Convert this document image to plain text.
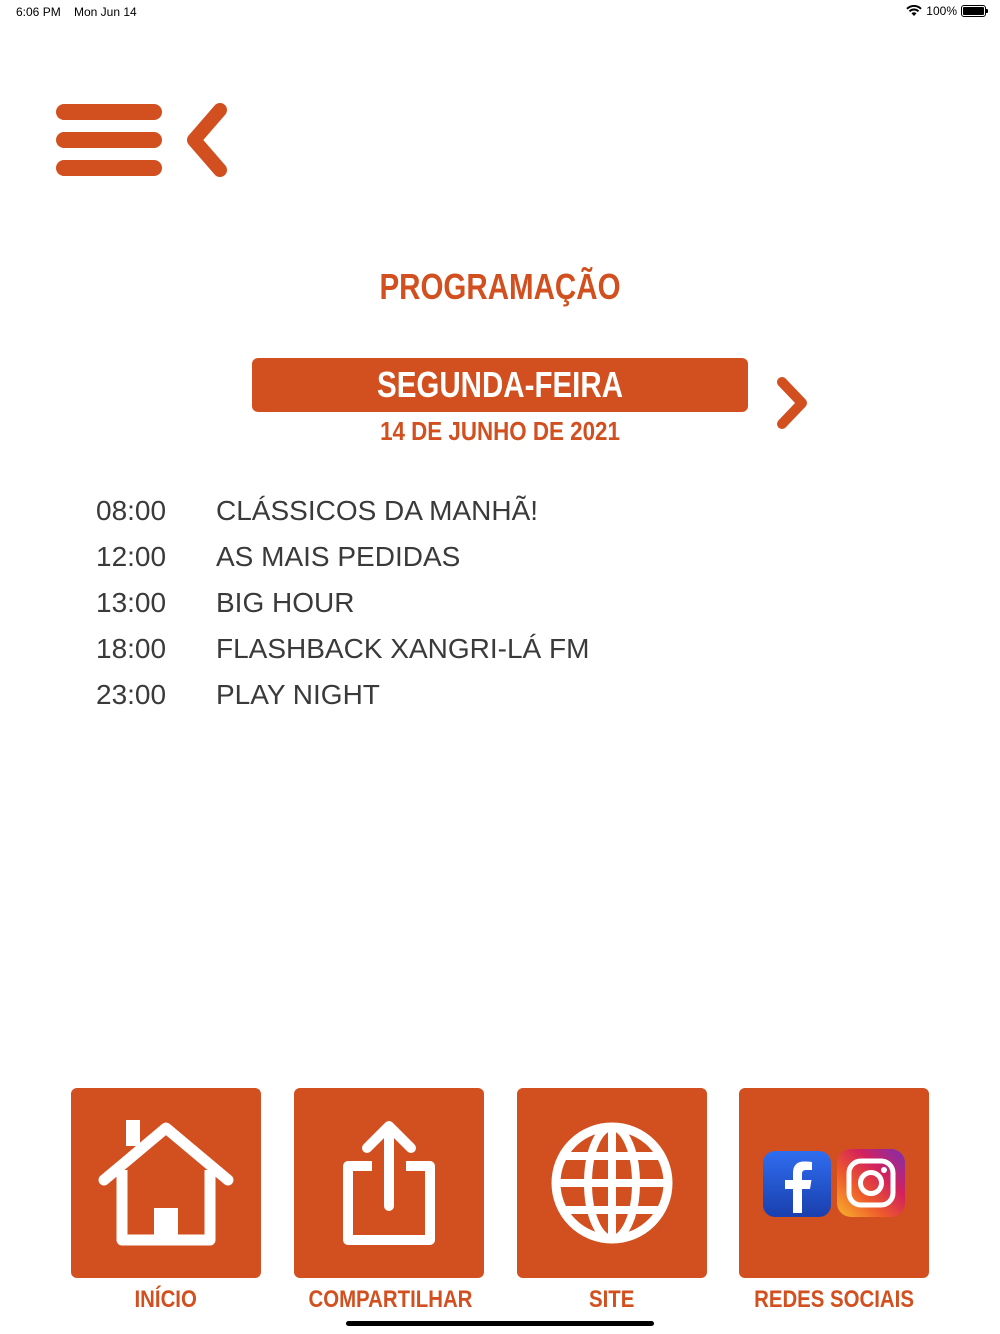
6:06 PM Mon Jun 14	100%
PROGRAMAÇÃO
SEGUNDA-FEIRA
14 DE JUNHO DE 2021
08:00	CLÁSSICOS DA MANHÃ!
12:00	AS MAIS PEDIDAS
13:00	BIG HOUR
18:00	FLASHBACK XANGRI-LÁ FM
23:00	PLAY NIGHT
INÍCIO	COMPARTILHAR	SITE	REDES SOCIAIS
